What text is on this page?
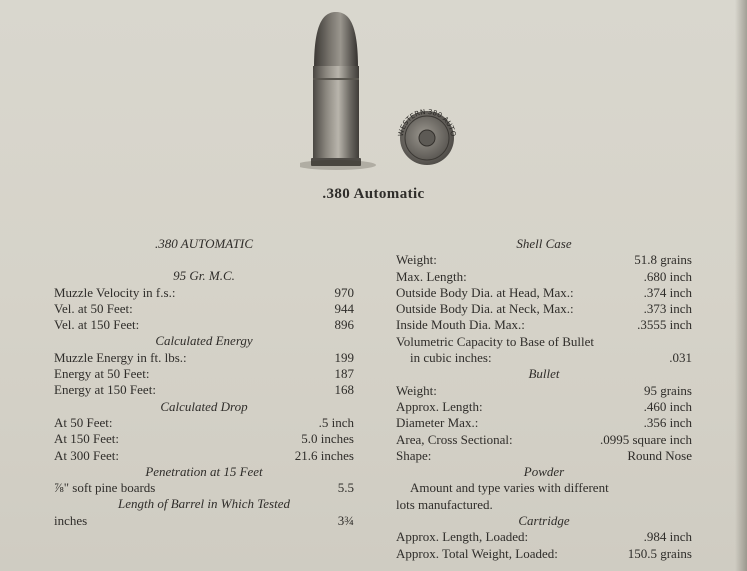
WESTERN 380 AUTO
.380 Automatic
.380 AUTOMATIC
95 Gr. M.C.
Muzzle Velocity in f.s.:	970
Vel. at 50 Feet:	944
Vel. at 150 Feet:	896
Calculated Energy
Muzzle Energy in ft. lbs.:	199
Energy at 50 Feet:	187
Energy at 150 Feet:	168
Calculated Drop
At 50 Feet:	.5 inch
At 150 Feet:	5.0 inches
At 300 Feet:	21.6 inches
Penetration at 15 Feet
⅞" soft pine boards	5.5
Length of Barrel in Which Tested
inches	3¾
Shell Case
Weight:	51.8 grains
Max. Length:	.680 inch
Outside Body Dia. at Head, Max.:	.374 inch
Outside Body Dia. at Neck, Max.:	.373 inch
Inside Mouth Dia. Max.:	.3555 inch
Volumetric Capacity to Base of Bullet
in cubic inches:	.031
Bullet
Weight:	95 grains
Approx. Length:	.460 inch
Diameter Max.:	.356 inch
Area, Cross Sectional:	.0995 square inch
Shape:	Round Nose
Powder
Amount and type varies with different
lots manufactured.
Cartridge
Approx. Length, Loaded:	.984 inch
Approx. Total Weight, Loaded:	150.5 grains
